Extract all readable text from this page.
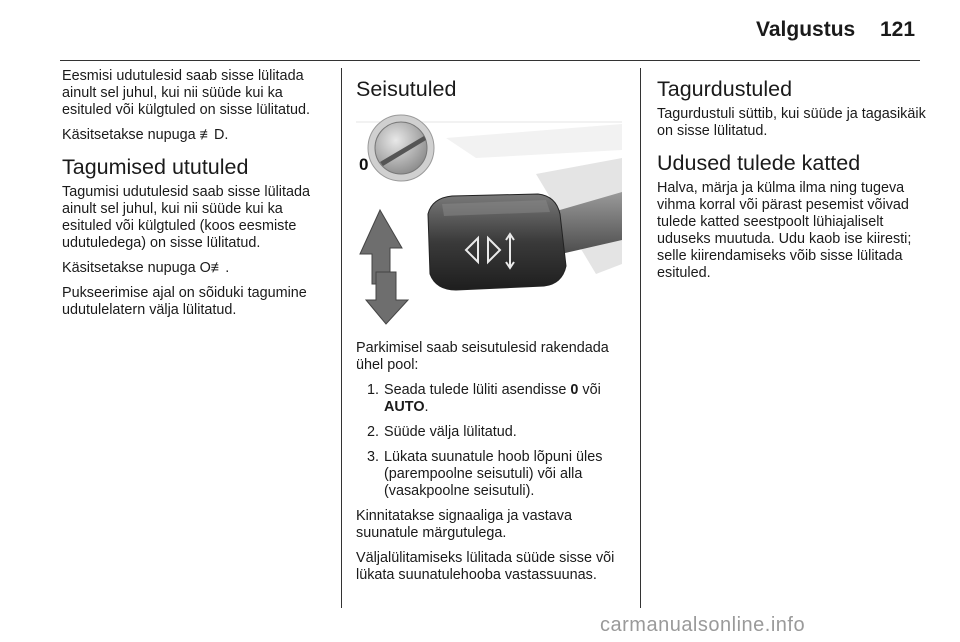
Valgustus 121

Eesmisi udutulesid saab sisse lülitada ainult sel juhul, kui nii süüde kui ka esituled või külgtuled on sisse lülitatud.

Käsitsetakse nupuga ≢D.

Tagumised ututuled

Tagumisi udutulesid saab sisse lülitada ainult sel juhul, kui nii süüde kui ka esituled või külgtuled (koos eesmiste udutuledega) on sisse lülitatud.

Käsitsetakse nupuga O≢.

Pukseerimise ajal on sõiduki tagumine udutulelatern välja lülitatud.

Seisutuled
0

Parkimisel saab seisutulesid rakendada ühel pool:

1. Seada tulede lüliti asendisse 0 või AUTO.
2. Süüde välja lülitatud.
3. Lükata suunatule hoob lõpuni üles (parempoolne seisutuli) või alla (vasakpoolne seisutuli).

Kinnitatakse signaaliga ja vastava suunatule märgutulega.

Väljalülitamiseks lülitada süüde sisse või lükata suunatulehooba vastassuunas.

Tagurdustuled

Tagurdustuli süttib, kui süüde ja tagasikäik on sisse lülitatud.

Udused tulede katted

Halva, märja ja külma ilma ning tugeva vihma korral või pärast pesemist võivad tulede katted seestpoolt lühiajaliselt uduseks muutuda. Udu kaob ise kiiresti; selle kiirendamiseks võib sisse lülitada esituled.

carmanualsonline.info
